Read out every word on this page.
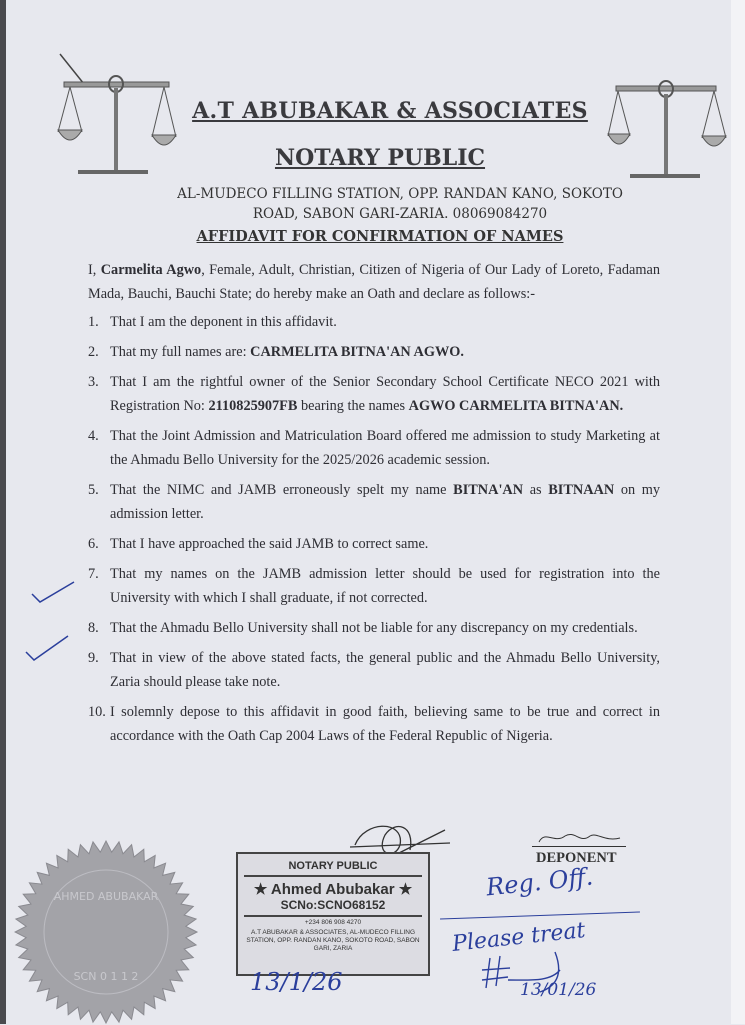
A.T ABUBAKAR & ASSOCIATES
NOTARY PUBLIC
AL-MUDECO FILLING STATION, OPP. RANDAN KANO, SOKOTO
ROAD, SABON GARI-ZARIA. 08069084270
AFFIDAVIT FOR CONFIRMATION OF NAMES
I, Carmelita Agwo, Female, Adult, Christian, Citizen of Nigeria of Our Lady of Loreto, Fadaman Mada, Bauchi, Bauchi State; do hereby make an Oath and declare as follows:-
1. That I am the deponent in this affidavit.
2. That my full names are: CARMELITA BITNA'AN AGWO.
3. That I am the rightful owner of the Senior Secondary School Certificate NECO 2021 with Registration No: 2110825907FB bearing the names AGWO CARMELITA BITNA'AN.
4. That the Joint Admission and Matriculation Board offered me admission to study Marketing at the Ahmadu Bello University for the 2025/2026 academic session.
5. That the NIMC and JAMB erroneously spelt my name BITNA'AN as BITNAAN on my admission letter.
6. That I have approached the said JAMB to correct same.
7. That my names on the JAMB admission letter should be used for registration into the University with which I shall graduate, if not corrected.
8. That the Ahmadu Bello University shall not be liable for any discrepancy on my credentials.
9. That in view of the above stated facts, the general public and the Ahmadu Bello University, Zaria should please take note.
10. I solemnly depose to this affidavit in good faith, believing same to be true and correct in accordance with the Oath Cap 2004 Laws of the Federal Republic of Nigeria.
DEPONENT
AHMED ABUBAKAR
SCN 0 1 1 2
NOTARY PUBLIC
★ Ahmed Abubakar ★
SCNo:SCNO68152
+234 806 908 4270
A.T ABUBAKAR & ASSOCIATES, AL-MUDECO FILLING STATION, OPP. RANDAN KANO, SOKOTO ROAD, SABON GARI, ZARIA
13/1/26
Reg. Off.
Please treat
13/01/26
